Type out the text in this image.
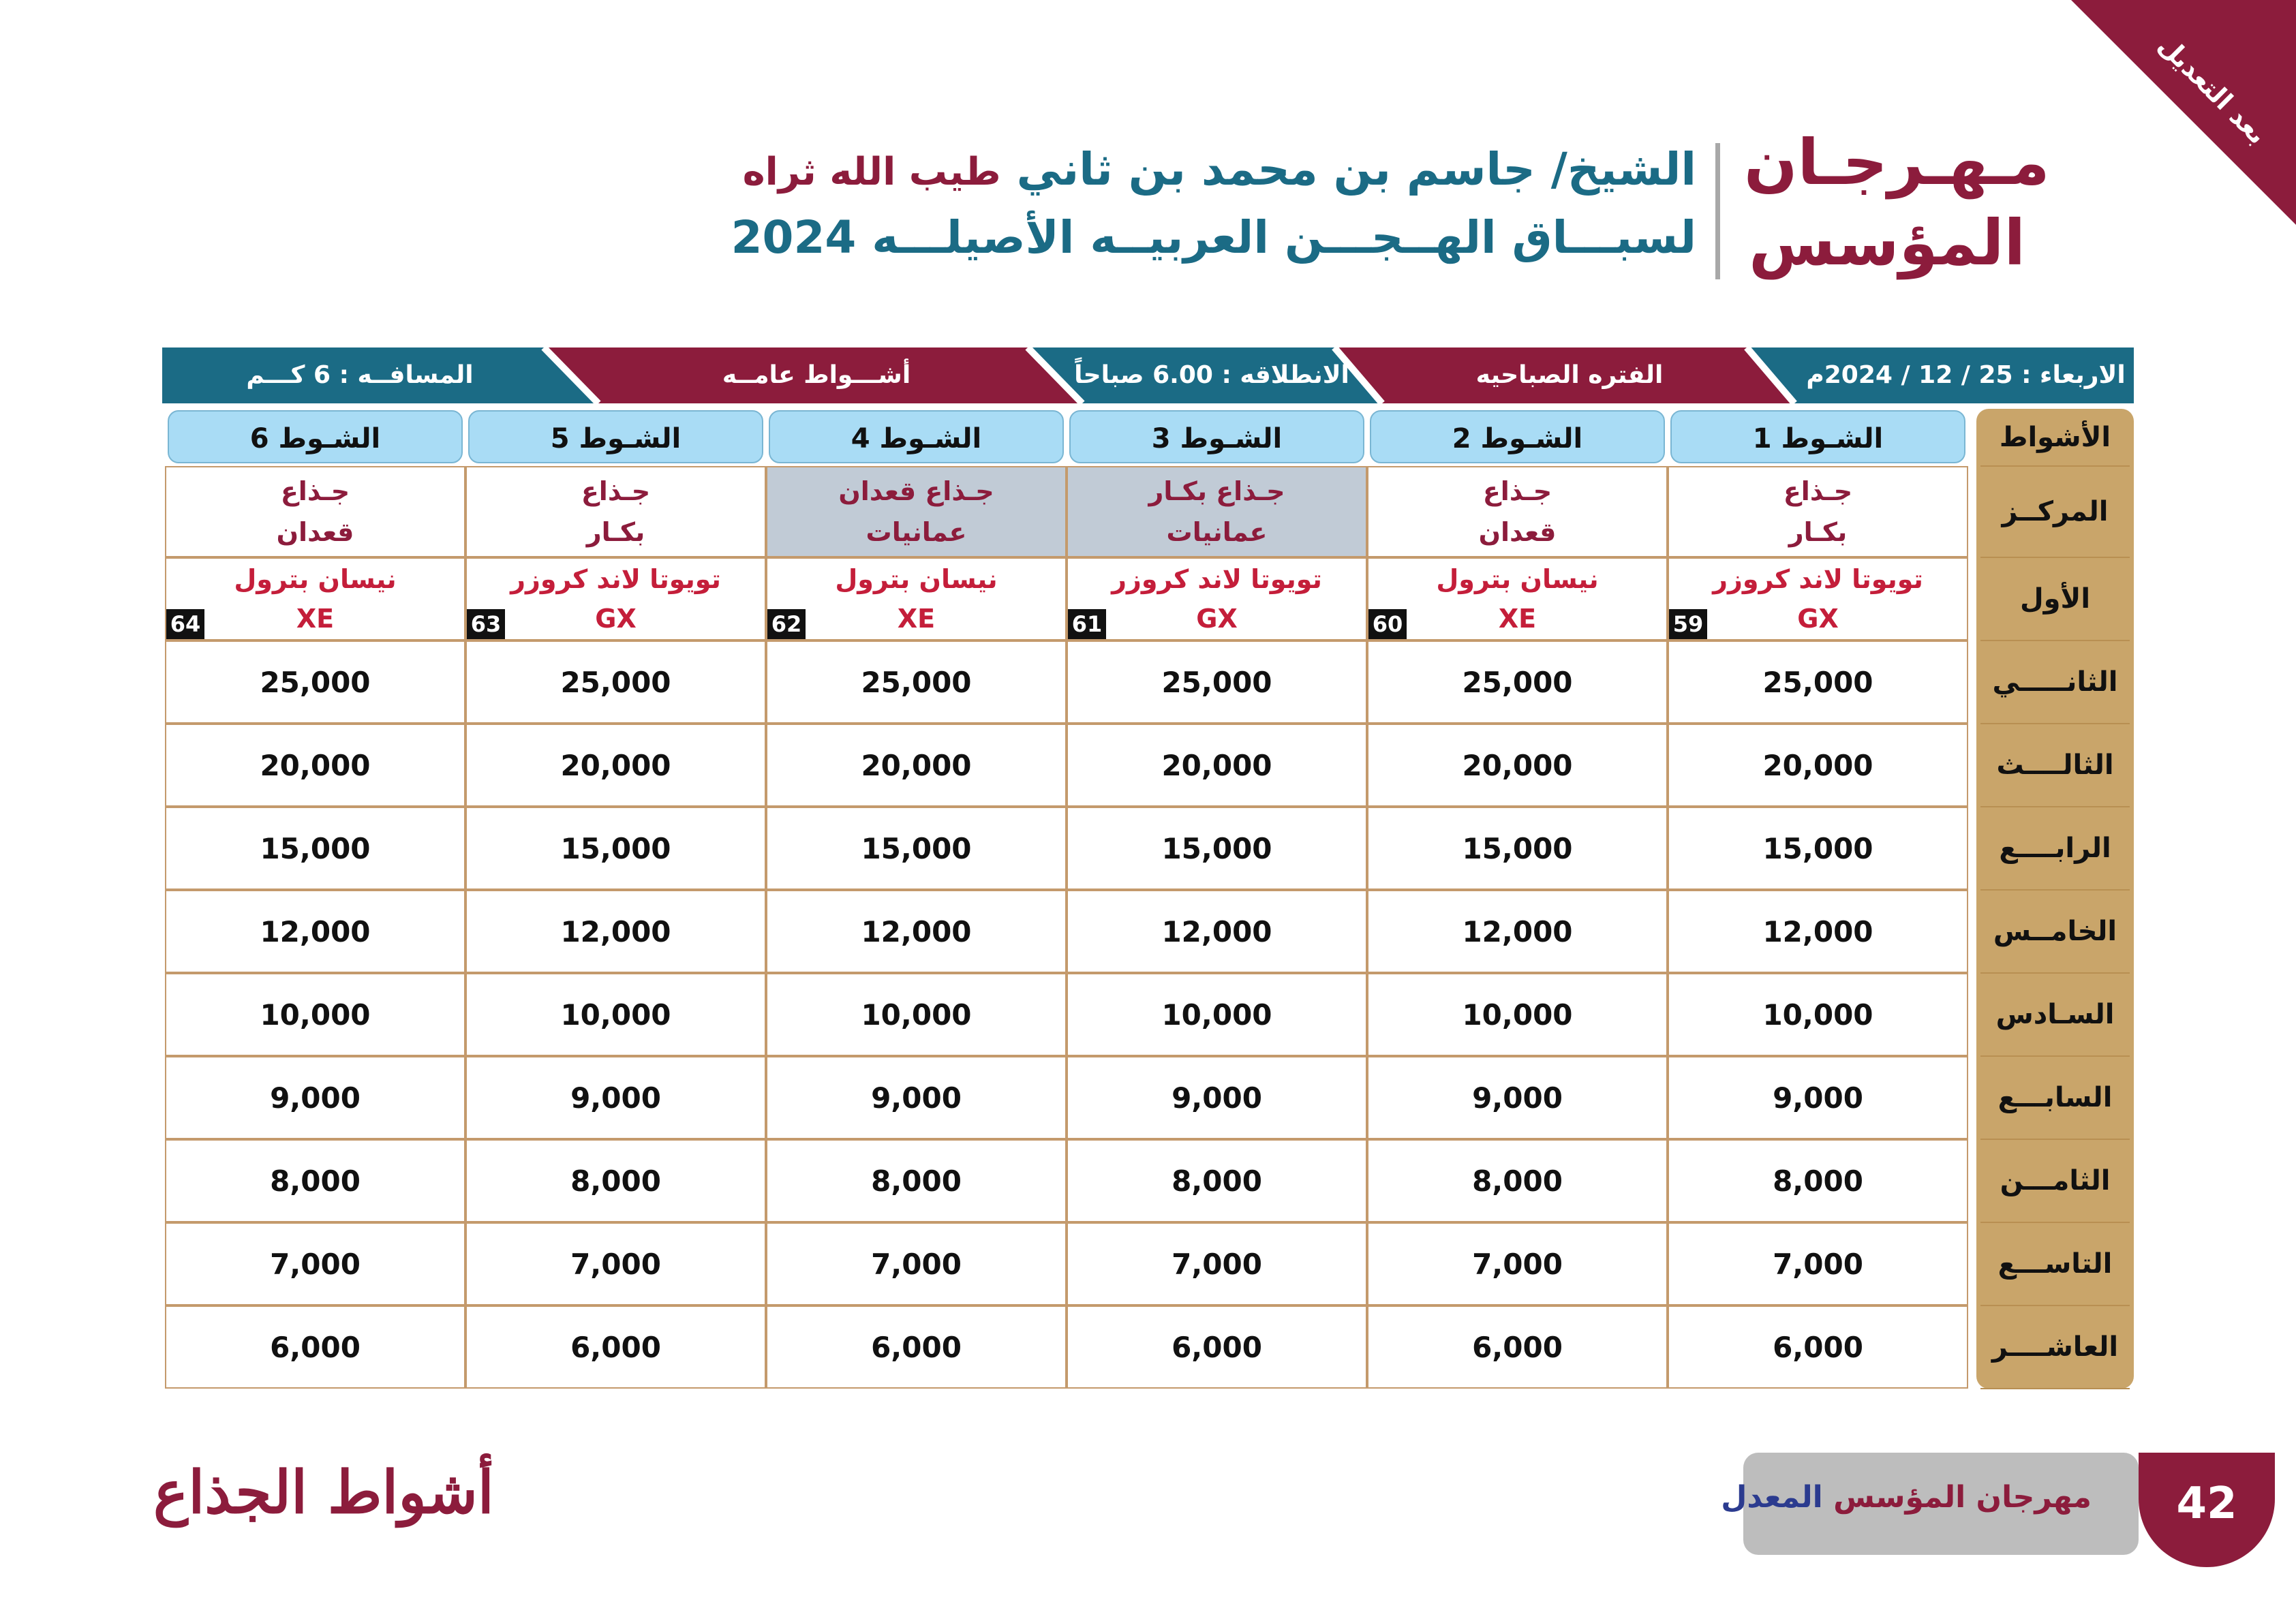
بعد التعديل
مـهـرجـان
المؤسس
الشيخ/ جاسم بن محمد بن ثاني طيب الله ثراه
لسبـــاق الهــجـــن العربيــه الأصيلـــه 2024
الاربعاء : 25 / 12 / 2024م
الفتره الصباحيه
الانطلاقه : 6.00 صباحاً
أشـــواط عامــه
المسافــه : 6 كـــم
الأشواط
المركــز
الأول
الثانـــــي
الثالــــث
الرابــــع
الخامــس
السـادس
السابـــع
الثامـــن
التاســـع
العاشــــر
الشـوط 1
جـذاع
بكـار
تويوتا لاند كروزر
GX
59
25,000
20,000
15,000
12,000
10,000
9,000
8,000
7,000
6,000
الشـوط 2
جـذاع
قعدان
نيسان بترول
XE
60
25,000
20,000
15,000
12,000
10,000
9,000
8,000
7,000
6,000
الشـوط 3
جـذاع بكـار
عمانيات
تويوتا لاند كروزر
GX
61
25,000
20,000
15,000
12,000
10,000
9,000
8,000
7,000
6,000
الشـوط 4
جـذاع قعدان
عمانيات
نيسان بترول
XE
62
25,000
20,000
15,000
12,000
10,000
9,000
8,000
7,000
6,000
الشـوط 5
جـذاع
بكـار
تويوتا لاند كروزر
GX
63
25,000
20,000
15,000
12,000
10,000
9,000
8,000
7,000
6,000
الشـوط 6
جـذاع
قعدان
نيسان بترول
XE
64
25,000
20,000
15,000
12,000
10,000
9,000
8,000
7,000
6,000
أشواط الجذاع	مهرجان المؤسس المعدل	42
